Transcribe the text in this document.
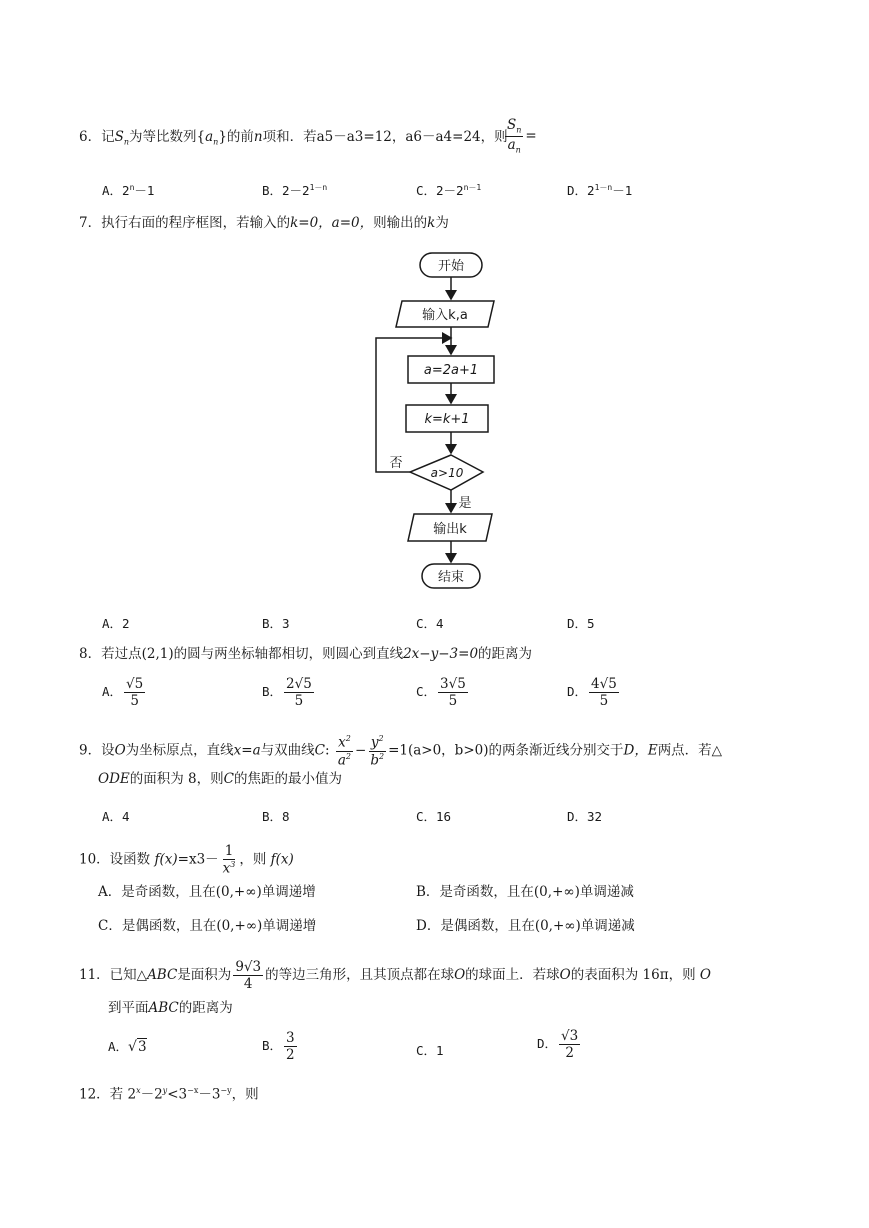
6．记$S_n$为等比数列$\{a_n\}$的前n项和．若a5－a3=12，a6－a4=24，则
$\frac{S_n}{a_n}$ =
A．$2^n-1$	B．$2-2^{1-n}$	C．$2-2^{n-1}$	D．$2^{1-n}-1$
7．执行右面的程序框图，若输入的k=0，a=0，则输出的k为
开始
输入k,a
a=2a+1
k=k+1
a>10
否
是
输出k
结束
A．2	B．3	C．4	D．5
8．若过点(2,1)的圆与两坐标轴都相切，则圆心到直线2x−y−3=0的距离为
A． $\frac{√5}{5}$	B． $\frac{2√5}{5}$	C． $\frac{3√5}{5}$	D． $\frac{4√5}{5}$
9．设O为坐标原点，直线x=a与双曲线C: $\frac{x^2}{a^2} - \frac{y^2}{b^2} =1(a>0$，b>0)的两条渐近线分别交于D，E两点．若△
ODE的面积为 8，则C的焦距的最小值为
A．4	B．8	C．16	D．32
10．设函数 $f(x)=x3- \frac{1}{x^3}$ ，则 f(x)
A．是奇函数，且在(0,+∞)单调递增	B．是奇函数，且在(0,+∞)单调递减
C．是偶函数，且在(0,+∞)单调递增	D．是偶函数，且在(0,+∞)单调递减
11．已知△ABC是面积为 $\frac{9√3}{4}$ 的等边三角形，且其顶点都在球O的球面上．若球O的表面积为 16π，则 O
到平面ABC的距离为
A．√3	B． $\frac{3}{2}$	C．1	D． $\frac{√3}{2}$
12．若 $2^x-2^y<3^{-x}-3^{-y}$，则
